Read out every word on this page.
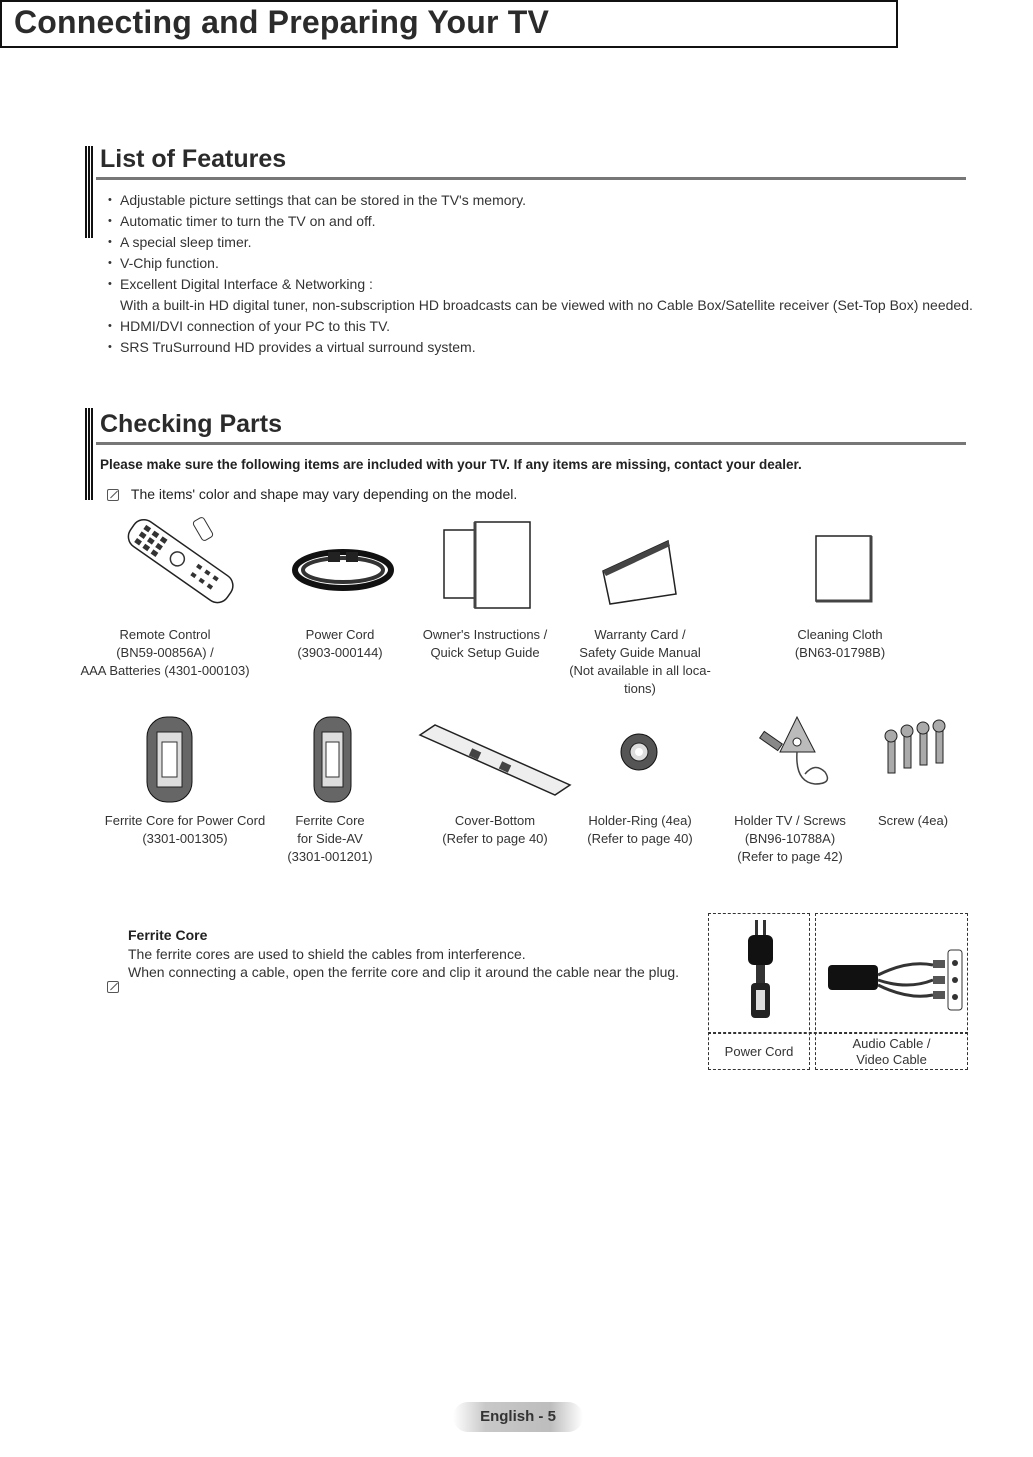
Connecting and Preparing Your TV
List of Features
• Adjustable picture settings that can be stored in the TV's memory.
• Automatic timer to turn the TV on and off.
• A special sleep timer.
• V-Chip function.
• Excellent Digital Interface & Networking :
With a built-in HD digital tuner, non-subscription HD broadcasts can be viewed with no Cable Box/Satellite receiver (Set-Top Box) needed.
• HDMI/DVI connection of your PC to this TV.
• SRS TruSurround HD provides a virtual surround system.
Checking Parts
Please make sure the following items are included with your TV. If any items are missing, contact your dealer.
The items' color and shape may vary depending on the model.
Remote Control
(BN59-00856A) /
AAA Batteries (4301-000103)
Power Cord
(3903-000144)
Owner's Instructions /
Quick Setup Guide
Warranty Card /
Safety Guide Manual
(Not available in all loca-
tions)
Cleaning Cloth
(BN63-01798B)
Ferrite Core for Power Cord
(3301-001305)
Ferrite Core
for Side-AV
(3301-001201)
Cover-Bottom
(Refer to page 40)
Holder-Ring (4ea)
(Refer to page 40)
Holder TV / Screws
(BN96-10788A)
(Refer to page 42)
Screw (4ea)
Ferrite Core
The ferrite cores are used to shield the cables from interference.
When connecting a cable, open the ferrite core and clip it around the cable near the plug.
Power Cord
Audio Cable /
Video Cable
English - 5
